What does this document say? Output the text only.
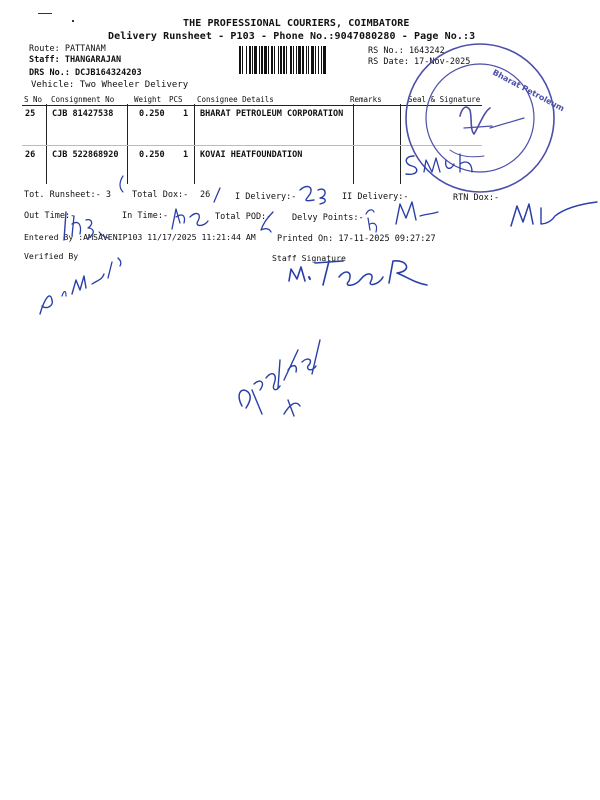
THE PROFESSIONAL COURIERS, COIMBATORE
Delivery Runsheet - P103 - Phone No.:9047080280 - Page No.:3
Route: PATTANAM
Staff: THANGARAJAN
DRS No.: DCJB164324203
Vehicle: Two Wheeler Delivery
RS No.: 1643242
RS Date: 17-Nov-2025
S No Consignment No	Weight PCS Consignee Details	Remarks	Seal & Signature
25 CJB 81427538	0.250 1 BHARAT PETROLEUM CORPORATION
26 CJB 522868920 0.250 1 KOVAI HEATFOUNDATION
Tot. Runsheet:- 3 Total Dox:- 26	I Delivery:-	II Delivery:-	RTN Dox:-
Out Time:-	In Time:-	Total POD:- Delvy Points:-
Entered By :AMSAVENIP103 11/17/2025 11:21:44 AM	Printed On: 17-11-2025 09:27:27
Verified By	Staff Signature
Bharat Petroleum
